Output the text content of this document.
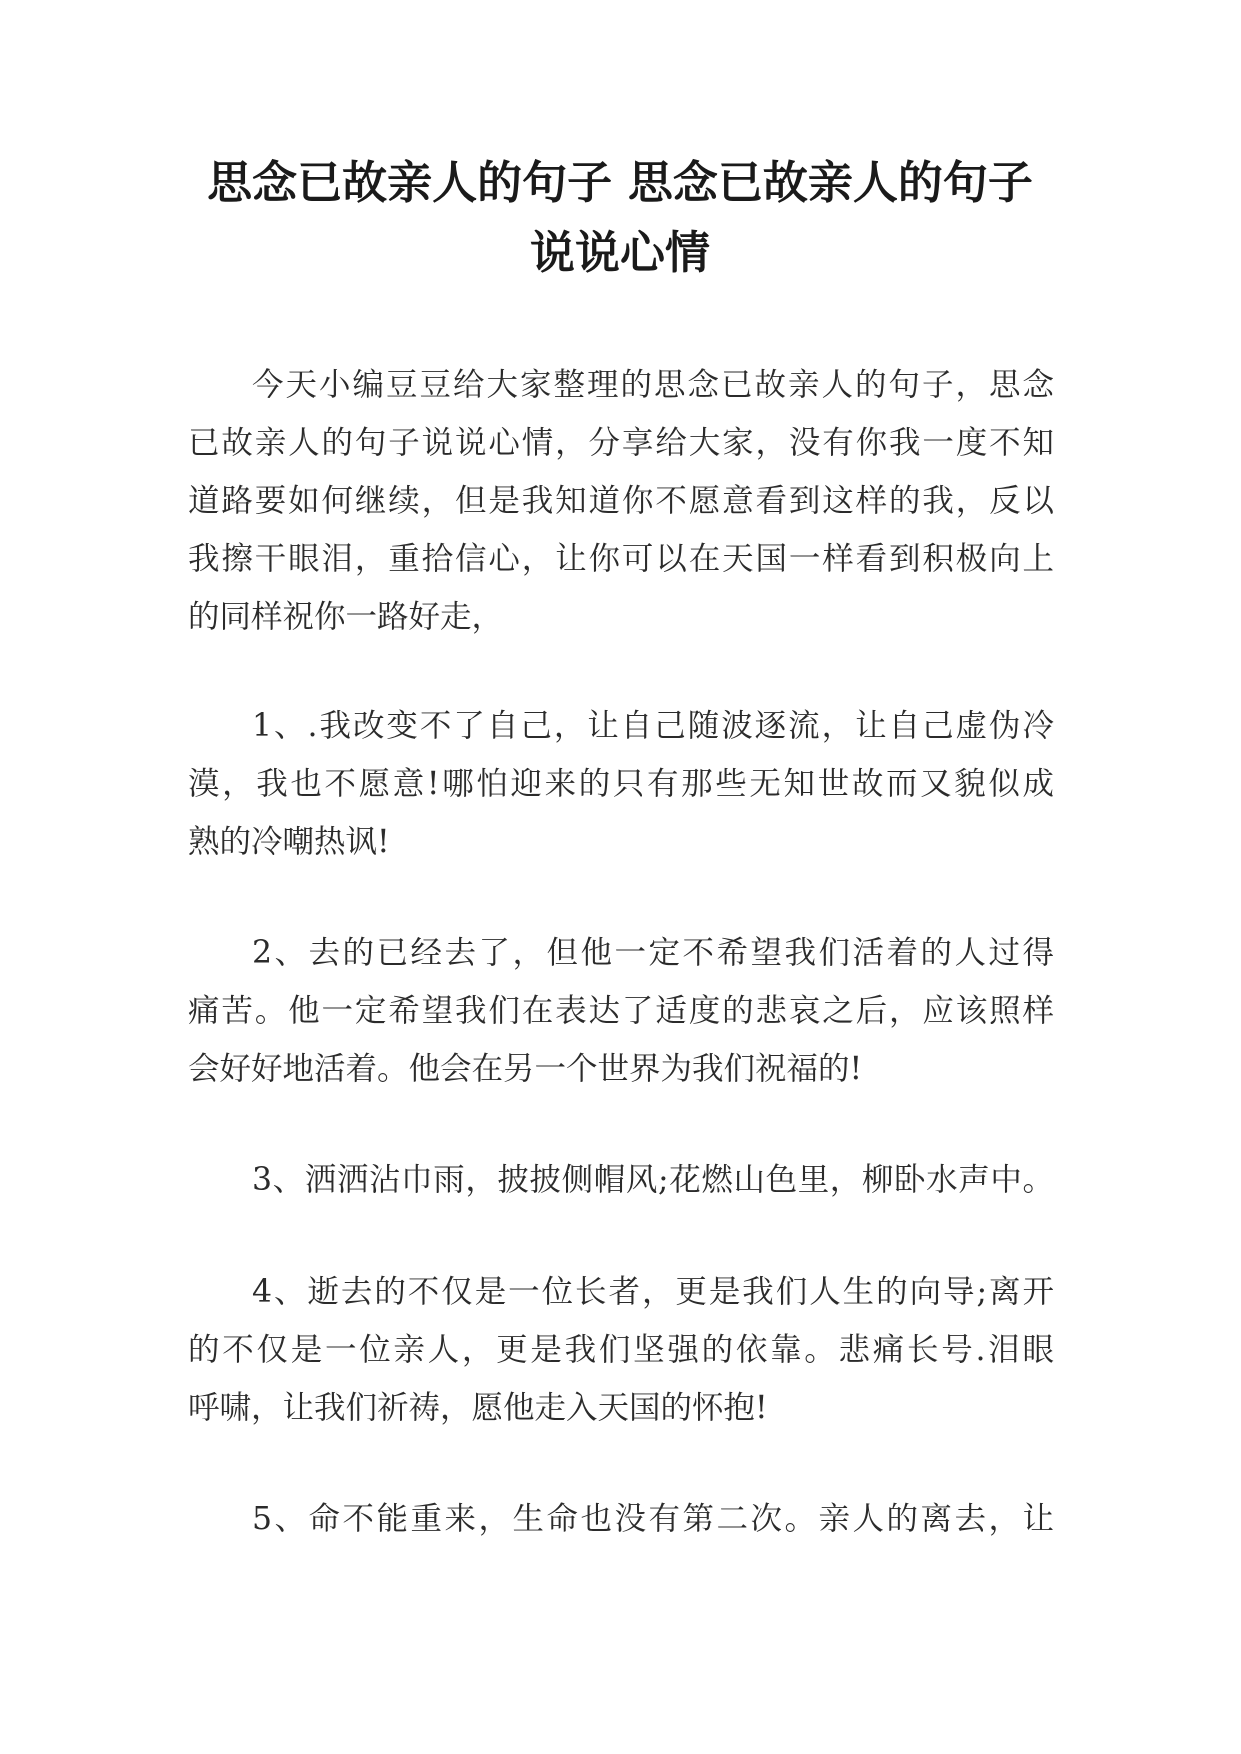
思念已故亲人的句子 思念已故亲人的句子
说说心情
今天小编豆豆给大家整理的思念已故亲人的句子，思念
已故亲人的句子说说心情，分享给大家，没有你我一度不知
道路要如何继续，但是我知道你不愿意看到这样的我，反以
我擦干眼泪，重拾信心，让你可以在天国一样看到积极向上
的同样祝你一路好走，
1、.我改变不了自己，让自己随波逐流，让自己虚伪冷
漠，我也不愿意!哪怕迎来的只有那些无知世故而又貌似成
熟的冷嘲热讽!
2、去的已经去了，但他一定不希望我们活着的人过得
痛苦。他一定希望我们在表达了适度的悲哀之后，应该照样
会好好地活着。他会在另一个世界为我们祝福的!
3、洒洒沾巾雨，披披侧帽风;花燃山色里，柳卧水声中。
4、逝去的不仅是一位长者，更是我们人生的向导;离开
的不仅是一位亲人，更是我们坚强的依靠。悲痛长号.泪眼
呼啸，让我们祈祷，愿他走入天国的怀抱!
5、命不能重来，生命也没有第二次。亲人的离去，让
